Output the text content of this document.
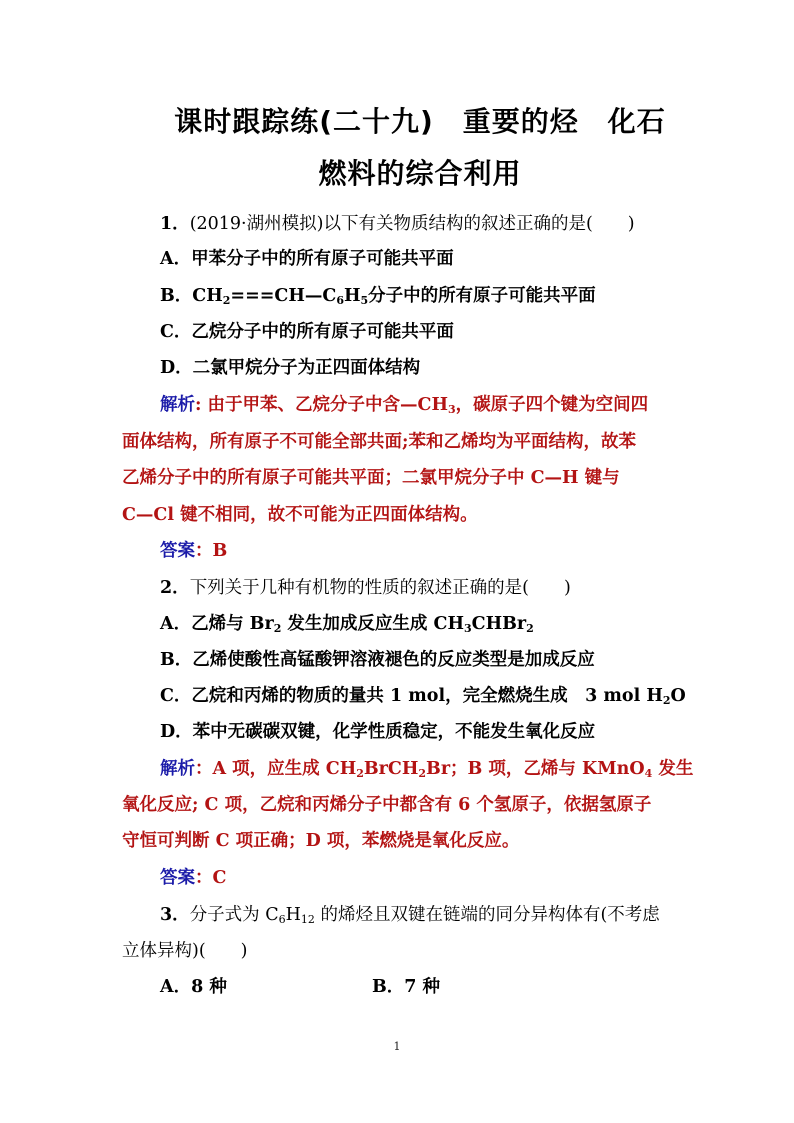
课时跟踪练(二十九)　重要的烃　化石
燃料的综合利用
1．(2019·湖州模拟)以下有关物质结构的叙述正确的是(　　)
A．甲苯分子中的所有原子可能共平面
B．$CH_2===CH—C_6H_5$分子中的所有原子可能共平面
C．乙烷分子中的所有原子可能共平面
D．二氯甲烷分子为正四面体结构
解析: 由于甲苯、乙烷分子中含$—CH_3$，碳原子四个键为空间四
面体结构，所有原子不可能全部共面;苯和乙烯均为平面结构，故苯
乙烯分子中的所有原子可能共平面；二氯甲烷分子中 C—H 键与
C—Cl 键不相同，故不可能为正四面体结构。
答案：B
2．下列关于几种有机物的性质的叙述正确的是(　　)
A．乙烯与 $Br_2$ 发生加成反应生成 $CH_3CHBr_2$
B．乙烯使酸性高锰酸钾溶液褪色的反应类型是加成反应
C．乙烷和丙烯的物质的量共 1 mol，完全燃烧生成　3 mol $H_2O$
D．苯中无碳碳双键，化学性质稳定，不能发生氧化反应
解析：A 项，应生成 $CH_2BrCH_2Br$；B 项，乙烯与 KMnO$_4$ 发生
氧化反应; C 项，乙烷和丙烯分子中都含有 6 个氢原子，依据氢原子
守恒可判断 C 项正确；D 项，苯燃烧是氧化反应。
答案：C
3．分子式为 $C_6H_{12}$ 的烯烃且双键在链端的同分异构体有(不考虑
立体异构)(　　)
A．8 种	B．7 种
1
